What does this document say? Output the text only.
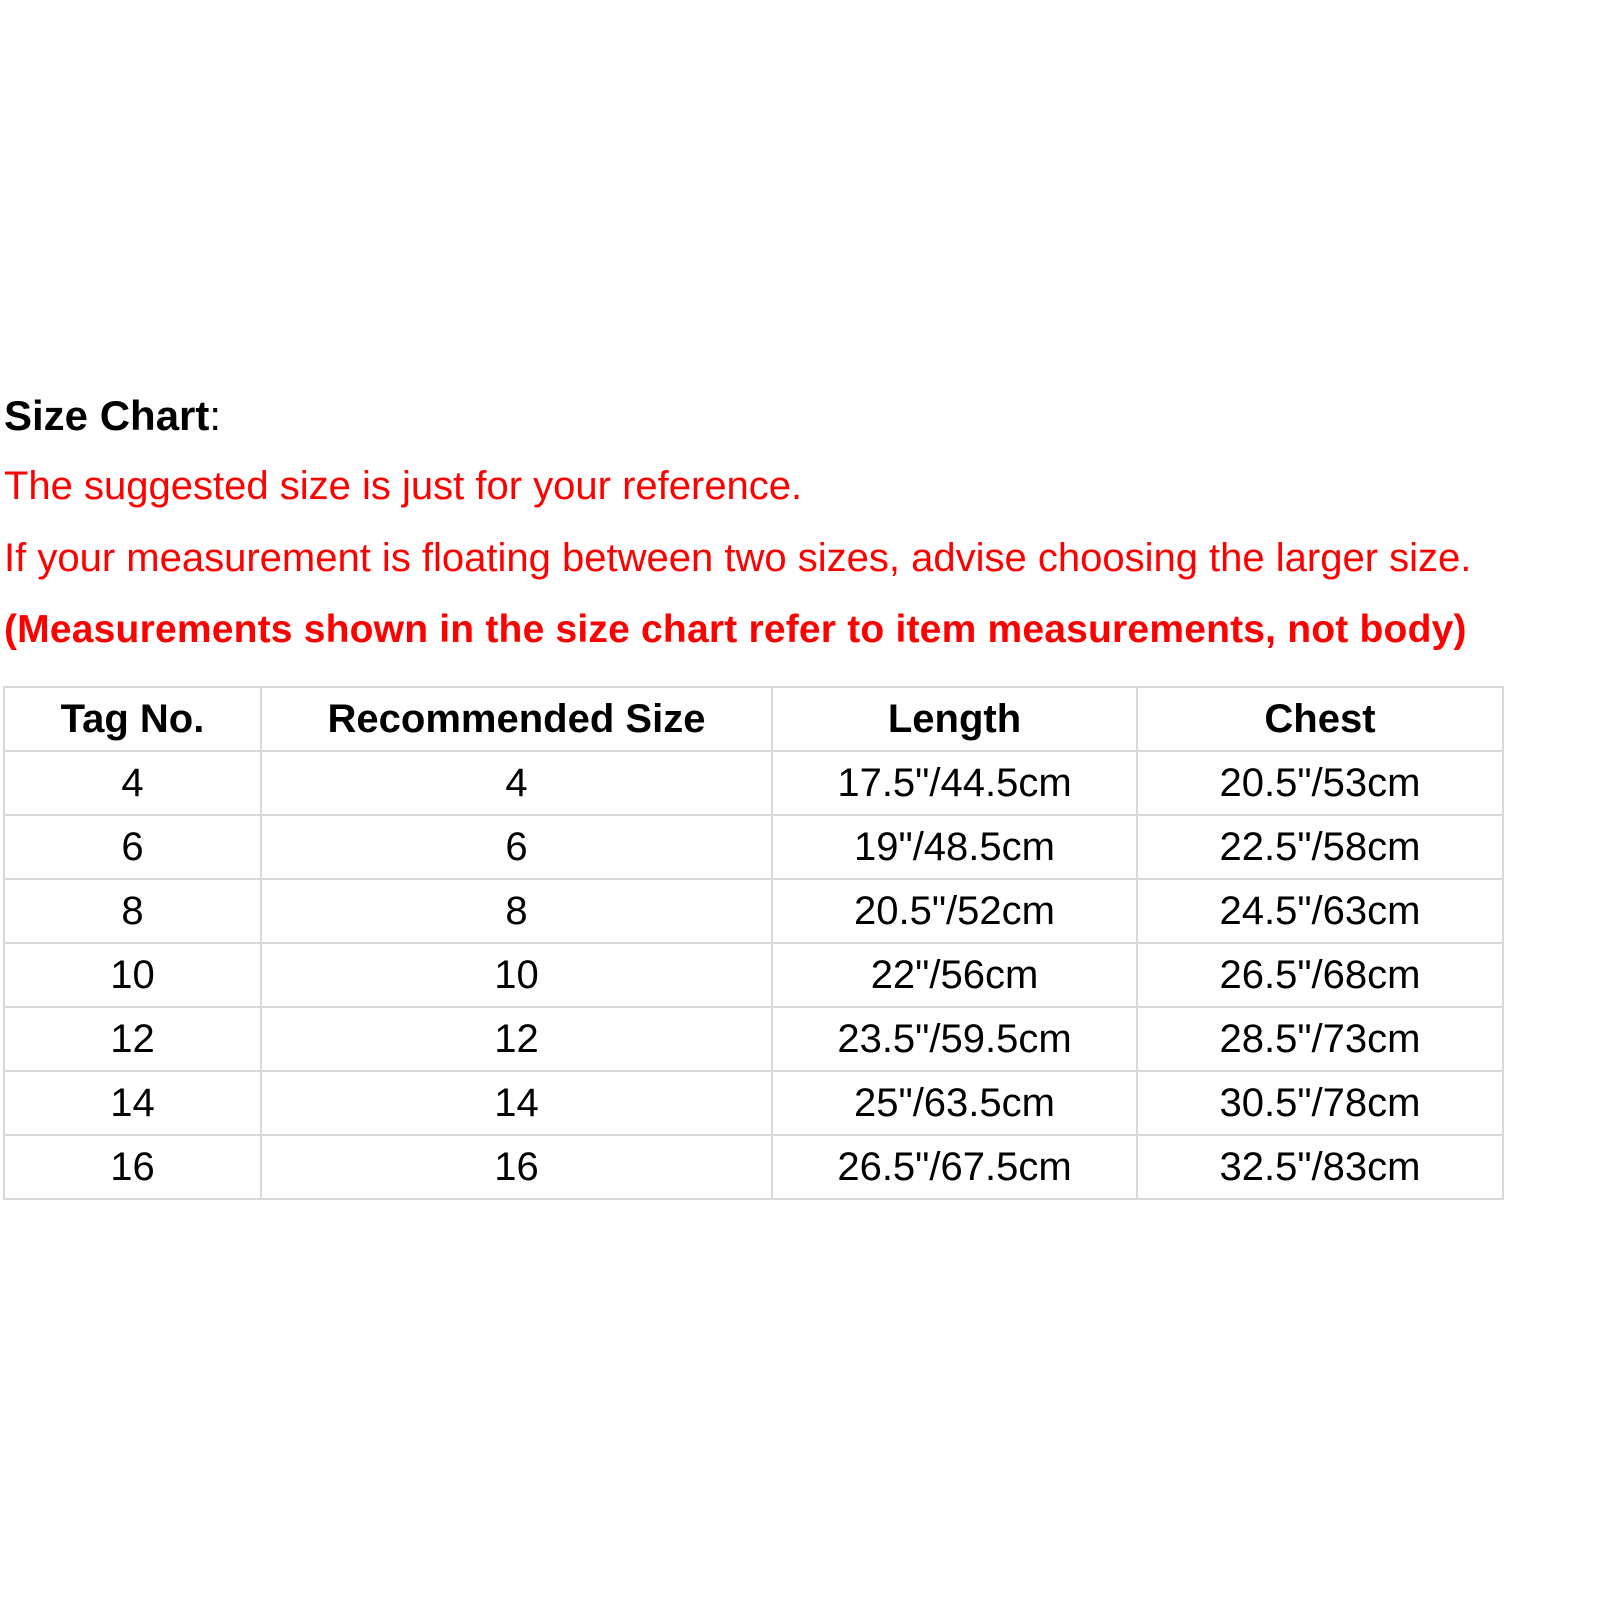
Size Chart:

The suggested size is just for your reference.

If your measurement is floating between two sizes, advise choosing the larger size.

(Measurements shown in the size chart refer to item measurements, not body)

Tag No.	Recommended Size	Length	Chest
4	4	17.5"/44.5cm	20.5"/53cm
6	6	19"/48.5cm	22.5"/58cm
8	8	20.5"/52cm	24.5"/63cm
10	10	22"/56cm	26.5"/68cm
12	12	23.5"/59.5cm	28.5"/73cm
14	14	25"/63.5cm	30.5"/78cm
16	16	26.5"/67.5cm	32.5"/83cm
